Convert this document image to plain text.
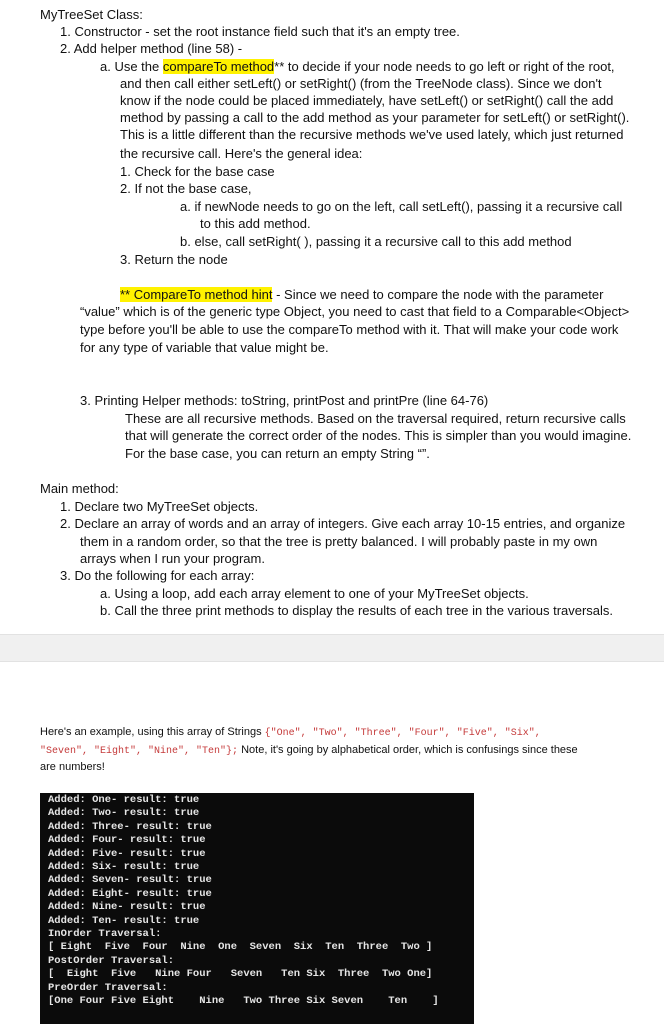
MyTreeSet Class:
1. Constructor - set the root instance field such that it's an empty tree.
2. Add helper method (line 58) -
a. Use the compareTo method** to decide if your node needs to go left or right of the root,
and then call either setLeft() or setRight() (from the TreeNode class). Since we don't
know if the node could be placed immediately, have setLeft() or setRight() call the add
method by passing a call to the add method as your parameter for setLeft() or setRight().
This is a little different than the recursive methods we've used lately, which just returned
the recursive call. Here's the general idea:
1. Check for the base case
2. If not the base case,
a. if newNode needs to go on the left, call setLeft(), passing it a recursive call
to this add method.
b. else, call setRight( ), passing it a recursive call to this add method
3. Return the node
** CompareTo method hint - Since we need to compare the node with the parameter
“value” which is of the generic type Object, you need to cast that field to a Comparable<Object>
type before you'll be able to use the compareTo method with it. That will make your code work
for any type of variable that value might be.
3. Printing Helper methods: toString, printPost and printPre (line 64-76)
These are all recursive methods. Based on the traversal required, return recursive calls
that will generate the correct order of the nodes. This is simpler than you would imagine.
For the base case, you can return an empty String “”.
Main method:
1. Declare two MyTreeSet objects.
2. Declare an array of words and an array of integers. Give each array 10-15 entries, and organize
them in a random order, so that the tree is pretty balanced. I will probably paste in my own
arrays when I run your program.
3. Do the following for each array:
a. Using a loop, add each array element to one of your MyTreeSet objects.
b. Call the three print methods to display the results of each tree in the various traversals.
Here's an example, using this array of Strings {"One", "Two", "Three", "Four", "Five", "Six",
"Seven", "Eight", "Nine", "Ten"}; Note, it's going by alphabetical order, which is confusings since these
are numbers!
Added: One- result: true
Added: Two- result: true
Added: Three- result: true
Added: Four- result: true
Added: Five- result: true
Added: Six- result: true
Added: Seven- result: true
Added: Eight- result: true
Added: Nine- result: true
Added: Ten- result: true
InOrder Traversal:
[ Eight  Five  Four  Nine  One  Seven  Six  Ten  Three  Two ]
PostOrder Traversal:
[  Eight  Five   Nine Four   Seven   Ten Six  Three  Two One]
PreOrder Traversal:
[One Four Five Eight    Nine   Two Three Six Seven    Ten    ]
